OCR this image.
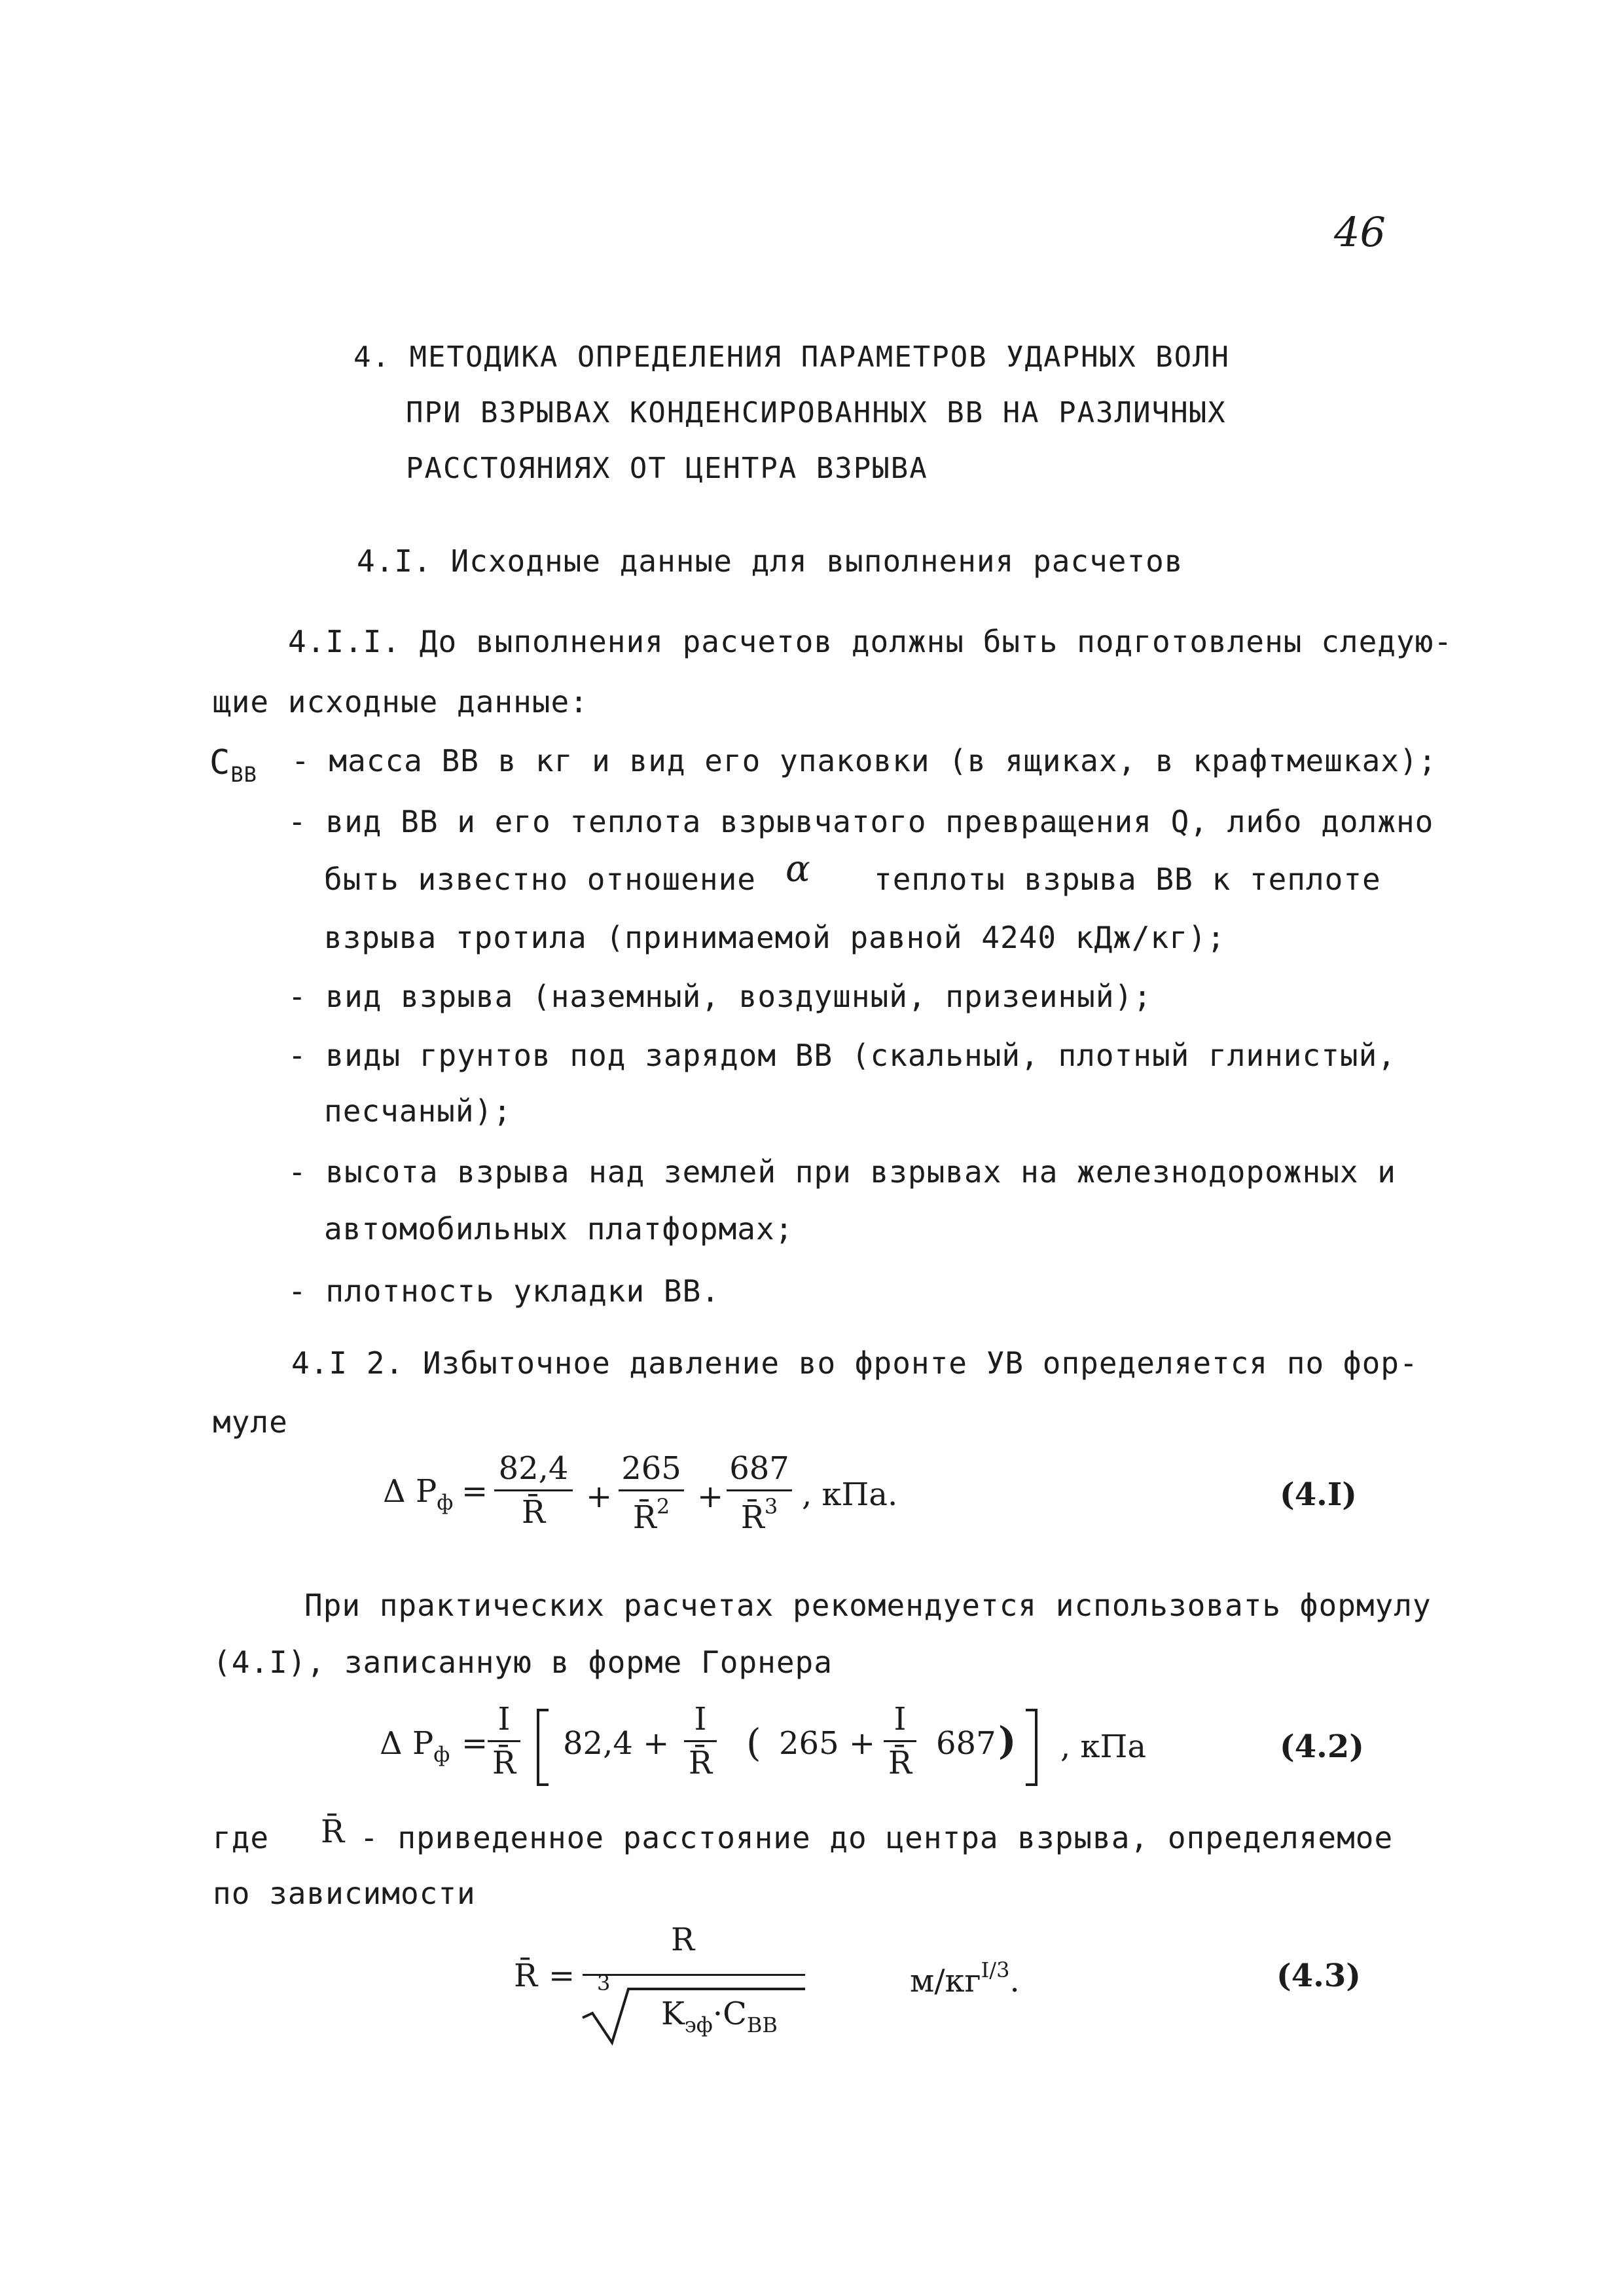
46
4. МЕТОДИКА ОПРЕДЕЛЕНИЯ ПАРАМЕТРОВ УДАРНЫХ ВОЛН
ПРИ ВЗРЫВАХ КОНДЕНСИРОВАННЫХ ВВ НА РАЗЛИЧНЫХ
РАССТОЯНИЯХ ОТ ЦЕНТРА ВЗРЫВА
4.I. Исходные данные для выполнения расчетов
4.I.I. До выполнения расчетов должны быть подготовлены следую-
щие исходные данные:
$C_{ВВ}$ - масса ВВ в кг и вид его упаковки (в ящиках, в крафтмешках);
- вид ВВ и его теплота взрывчатого превращения Q, либо должно
быть известно отношение α теплоты взрыва ВВ к теплоте
взрыва тротила (принимаемой равной 4240 кДж/кг);
- вид взрыва (наземный, воздушный, призеиный);
- виды грунтов под зарядом ВВ (скальный, плотный глинистый,
песчаный);
- высота взрыва над землей при взрывах на железнодорожных и
автомобильных платформах;
- плотность укладки ВВ.
4.I 2. Избыточное давление во фронте УВ определяется по фор-
муле
Δ $P_ф$ =
82,4
R̄	+
265
R̄$^2$ +
687
R̄$^3$ , кПа.	(4.I)
При практических расчетах рекомендуется использовать формулу
(4.I), записанную в форме Горнера
Δ $P_ф$ =
I
R̄
82,4 +
I
R̄ ( 265 +
I
R̄
687 ) , кПа	(4.2)
где R̄ - приведенное расстояние до центра взрыва, определяемое
по зависимости
R̄ =
R
3
$K_{эф}\cdot C_{ВВ}$
$м/кг^{I/3}$.	(4.3)
